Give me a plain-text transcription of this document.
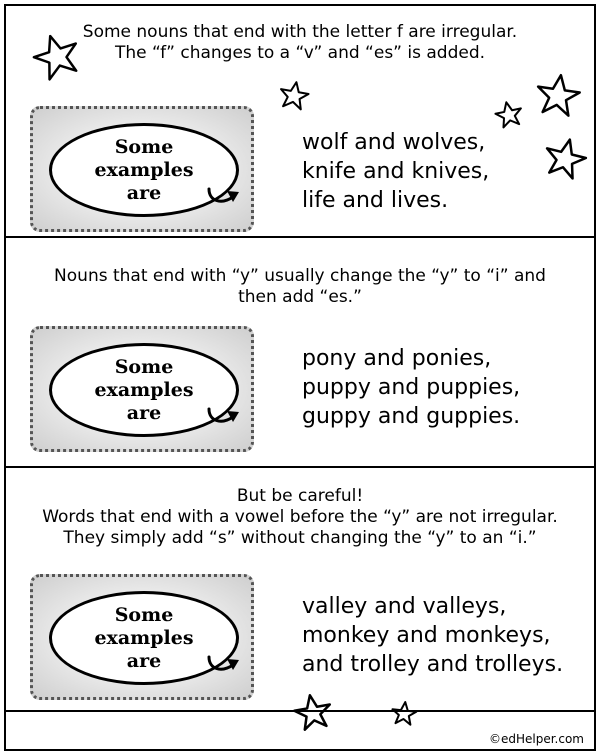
Some nouns that end with the letter f are irregular.
The “f” changes to a “v” and “es” is added.
Some
examples
are
wolf and wolves,
knife and knives,
life and lives.
Nouns that end with “y” usually change the “y” to “i” and
then add “es.”
Some
examples
are
pony and ponies,
puppy and puppies,
guppy and guppies.
But be careful!
Words that end with a vowel before the “y” are not irregular.
They simply add “s” without changing the “y” to an “i.”
Some
examples
are
valley and valleys,
monkey and monkeys,
and trolley and trolleys.
©edHelper.com
